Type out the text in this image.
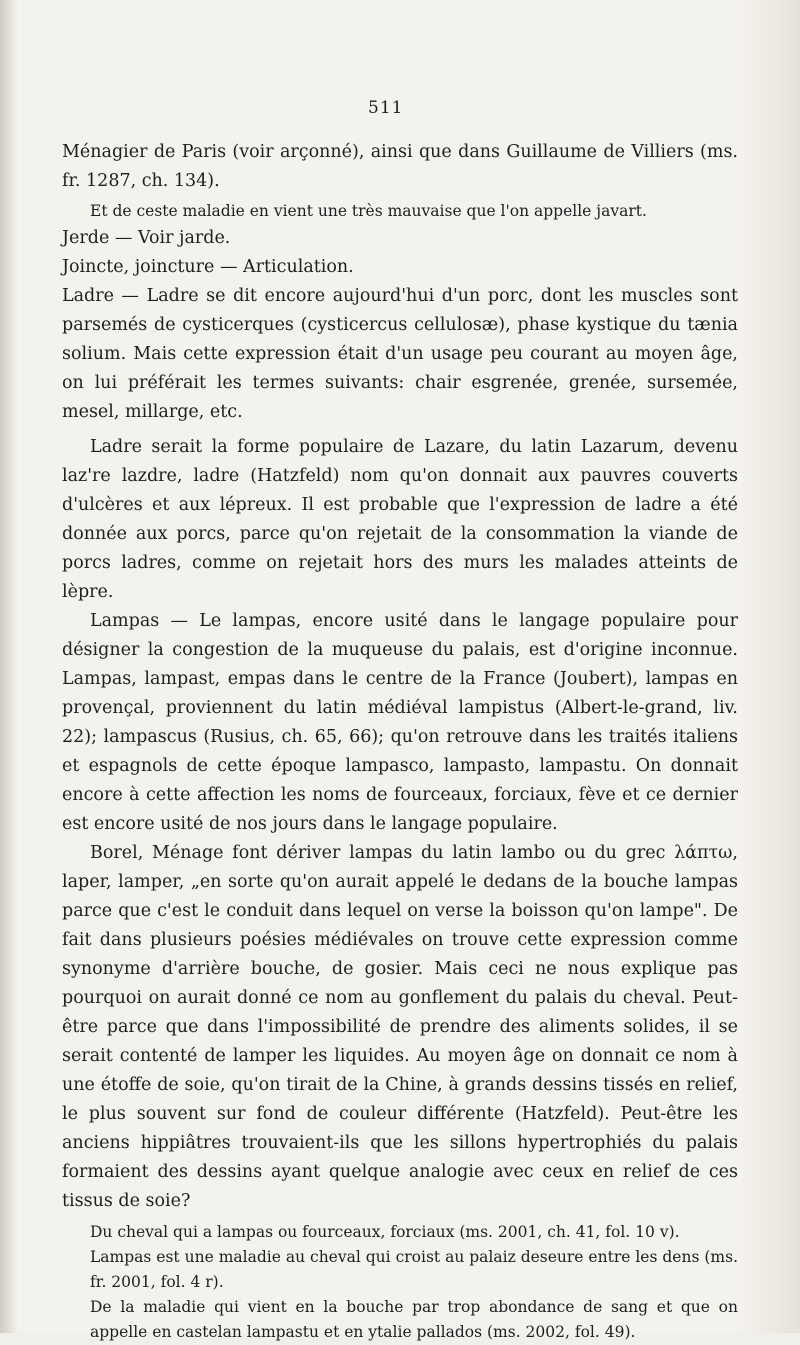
511

Ménagier de Paris (voir arçonné), ainsi que dans Guillaume de Villiers (ms. fr. 1287, ch. 134).

Et de ceste maladie en vient une très mauvaise que l'on appelle javart.

Jerde — Voir jarde.

Joincte, joincture — Articulation.

Ladre — Ladre se dit encore aujourd'hui d'un porc, dont les muscles sont parsemés de cysticerques (cysticercus cellulosæ), phase kystique du tænia solium. Mais cette expression était d'un usage peu courant au moyen âge, on lui préférait les termes suivants: chair esgrenée, grenée, sursemée, mesel, millarge, etc.

Ladre serait la forme populaire de Lazare, du latin Lazarum, devenu laz're lazdre, ladre (Hatzfeld) nom qu'on donnait aux pauvres couverts d'ulcères et aux lépreux. Il est probable que l'expression de ladre a été donnée aux porcs, parce qu'on rejetait de la consommation la viande de porcs ladres, comme on rejetait hors des murs les malades atteints de lèpre.

Lampas — Le lampas, encore usité dans le langage populaire pour désigner la congestion de la muqueuse du palais, est d'origine inconnue. Lampas, lampast, empas dans le centre de la France (Joubert), lampas en provençal, proviennent du latin médiéval lampistus (Albert-le-grand, liv. 22); lampascus (Rusius, ch. 65, 66); qu'on retrouve dans les traités italiens et espagnols de cette époque lampasco, lampasto, lampastu. On donnait encore à cette affection les noms de fourceaux, forciaux, fève et ce dernier est encore usité de nos jours dans le langage populaire.

Borel, Ménage font dériver lampas du latin lambo ou du grec λάπτω, laper, lamper, „en sorte qu'on aurait appelé le dedans de la bouche lampas parce que c'est le conduit dans lequel on verse la boisson qu'on lampe". De fait dans plusieurs poésies médiévales on trouve cette expression comme synonyme d'arrière bouche, de gosier. Mais ceci ne nous explique pas pourquoi on aurait donné ce nom au gonflement du palais du cheval. Peut-être parce que dans l'impossibilité de prendre des aliments solides, il se serait contenté de lamper les liquides. Au moyen âge on donnait ce nom à une étoffe de soie, qu'on tirait de la Chine, à grands dessins tissés en relief, le plus souvent sur fond de couleur différente (Hatzfeld). Peut-être les anciens hippiâtres trouvaient-ils que les sillons hypertrophiés du palais formaient des dessins ayant quelque analogie avec ceux en relief de ces tissus de soie?

Du cheval qui a lampas ou fourceaux, forciaux (ms. 2001, ch. 41, fol. 10 v).

Lampas est une maladie au cheval qui croist au palaiz deseure entre les dens (ms. fr. 2001, fol. 4 r).

De la maladie qui vient en la bouche par trop abondance de sang et que on appelle en castelan lampastu et en ytalie pallados (ms. 2002, fol. 49).
